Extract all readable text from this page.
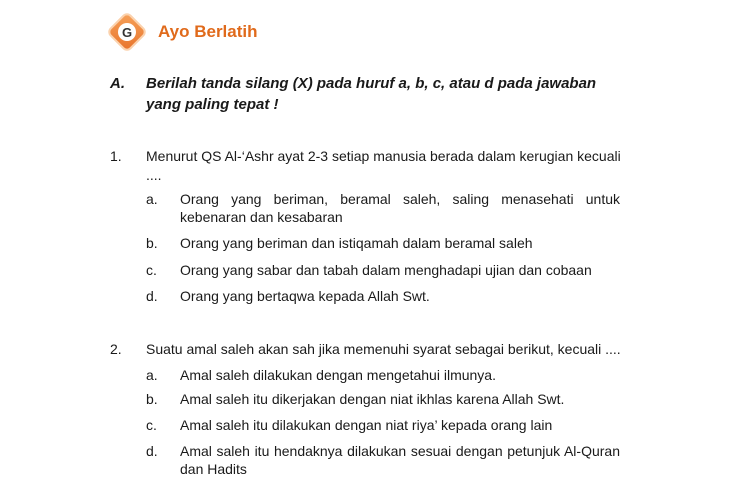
G Ayo Berlatih
A.	Berilah tanda silang (X) pada huruf a, b, c, atau d pada jawaban yang paling tepat !
1.	Menurut QS Al-‘Ashr ayat 2-3 setiap manusia berada dalam kerugian kecuali ....
a.	Orang yang beriman, beramal saleh, saling menasehati untuk kebenaran dan kesabaran
b.	Orang yang beriman dan istiqamah dalam beramal saleh
c.	Orang yang sabar dan tabah dalam menghadapi ujian dan cobaan
d.	Orang yang bertaqwa kepada Allah Swt.
2.	Suatu amal saleh akan sah jika memenuhi syarat sebagai berikut, kecuali ....
a.	Amal saleh dilakukan dengan mengetahui ilmunya.
b.	Amal saleh itu dikerjakan dengan niat ikhlas karena Allah Swt.
c.	Amal saleh itu dilakukan dengan niat riya’ kepada orang lain
d.	Amal saleh itu hendaknya dilakukan sesuai dengan petunjuk Al-Quran dan Hadits
